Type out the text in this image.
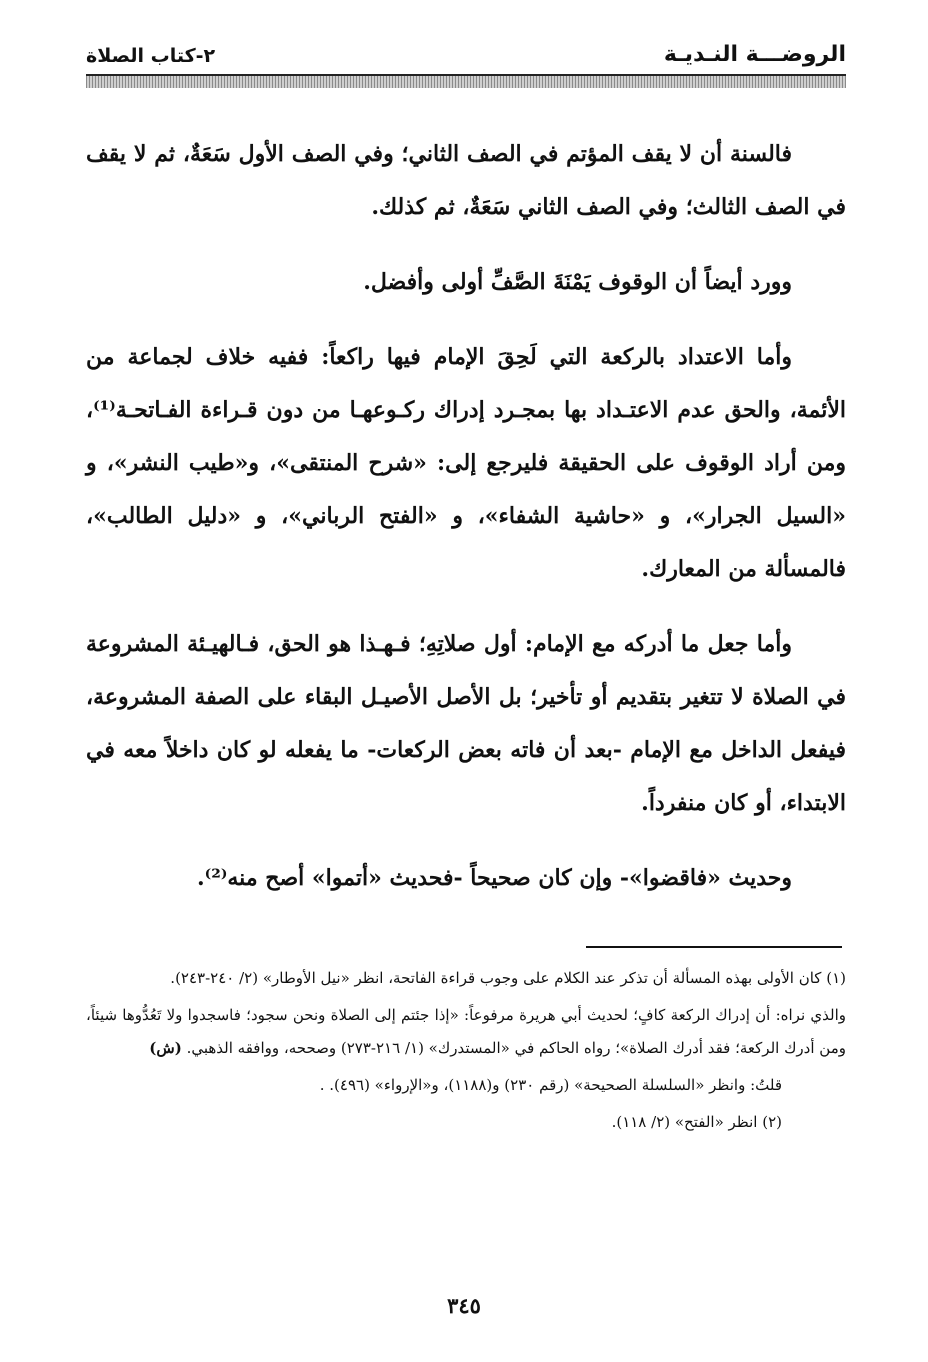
الروضـــة النـديـة
٢-كتاب الصلاة

فالسنة أن لا يقف المؤتم في الصف الثاني؛ وفي الصف الأول سَعَةٌ، ثم لا يقف في الصف الثالث؛ وفي الصف الثاني سَعَةٌ، ثم كذلك.

وورد أيضاً أن الوقوف يَمْنَةَ الصَّفِّ أولى وأفضل.

وأما الاعتداد بالركعة التي لَحِقَ الإمام فيها راكعاً: ففيه خلاف لجماعة من الأئمة، والحق عدم الاعتـداد بها بمجـرد إدراك ركـوعهـا من دون قـراءة الفـاتحـة⁽¹⁾، ومن أراد الوقوف على الحقيقة فليرجع إلى: «شرح المنتقى»، و«طيب النشر»، و «السيل الجرار»، و «حاشية الشفاء»، و «الفتح الرباني»، و «دليل الطالب»، فالمسألة من المعارك.

وأما جعل ما أدركه مع الإمام: أول صلاتِهِ؛ فـهـذا هو الحق، فـالهيـئة المشروعة في الصلاة لا تتغير بتقديم أو تأخير؛ بل الأصل الأصيـل البقاء على الصفة المشروعة، فيفعل الداخل مع الإمام -بعد أن فاته بعض الركعات- ما يفعله لو كان داخلاً معه في الابتداء، أو كان منفرداً.

وحديث «فاقضوا»- وإن كان صحيحاً -فحديث «أتموا» أصح منه⁽²⁾.

(١) كان الأولى بهذه المسألة أن تذكر عند الكلام على وجوب قراءة الفاتحة، انظر «نيل الأوطار» (٢/ ٢٤٠-٢٤٣).

والذي نراه: أن إدراك الركعة كافٍ؛ لحديث أبي هريرة مرفوعاً: «إذا جئتم إلى الصلاة ونحن سجود؛ فاسجدوا ولا تَعُدُّوها شيئاً، ومن أدرك الركعة؛ فقد أدرك الصلاة»؛ رواه الحاكم في «المستدرك» (١/ ٢١٦-٢٧٣) وصححه، ووافقه الذهبي. (ش)

قلتُ: وانظر «السلسلة الصحيحة» (رقم ٢٣٠) و(١١٨٨)، و«الإرواء» (٤٩٦). .

(٢) انظر «الفتح» (٢/ ١١٨).

٣٤٥
